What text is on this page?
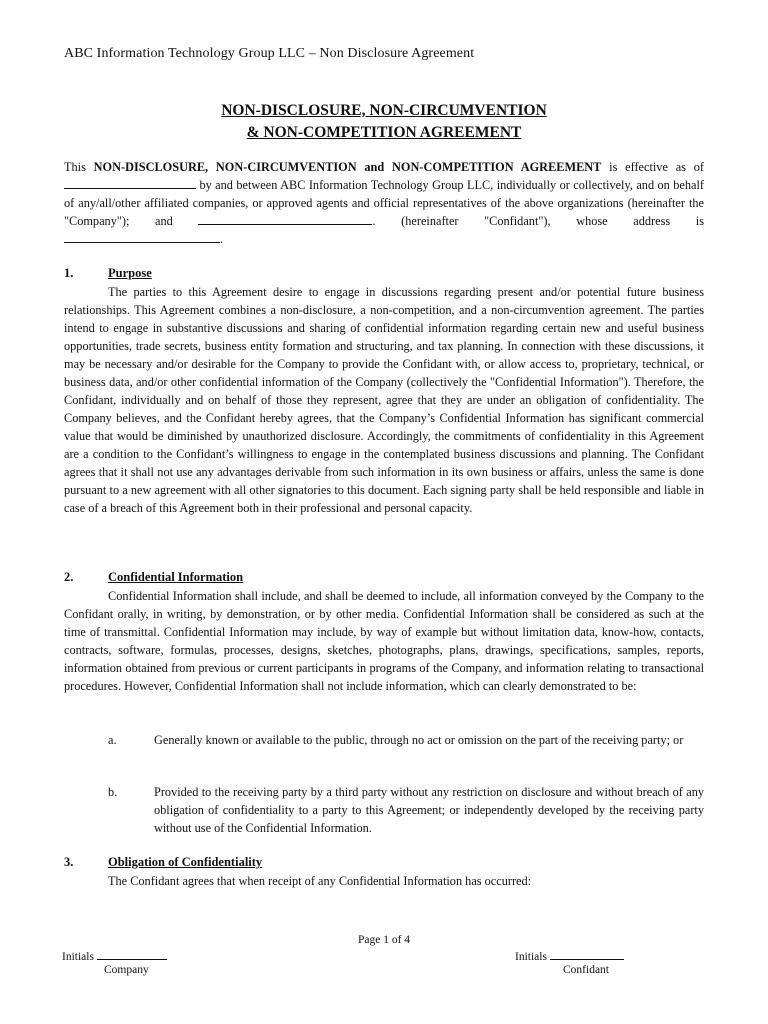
ABC Information Technology Group LLC – Non Disclosure Agreement
NON-DISCLOSURE, NON-CIRCUMVENTION
& NON-COMPETITION AGREEMENT
This NON-DISCLOSURE, NON-CIRCUMVENTION and NON-COMPETITION AGREEMENT is effective as of  by and between ABC Information Technology Group LLC, individually or collectively, and on behalf of any/all/other affiliated companies, or approved agents and official representatives of the above organizations (hereinafter the "Company"); and	. (hereinafter "Confidant"), whose address is .
1.	Purpose
The parties to this Agreement desire to engage in discussions regarding present and/or potential future business relationships. This Agreement combines a non-disclosure, a non-competition, and a non-circumvention agreement. The parties intend to engage in substantive discussions and sharing of confidential information regarding certain new and useful business opportunities, trade secrets, business entity formation and structuring, and tax planning. In connection with these discussions, it may be necessary and/or desirable for the Company to provide the Confidant with, or allow access to, proprietary, technical, or business data, and/or other confidential information of the Company (collectively the "Confidential Information"). Therefore, the Confidant, individually and on behalf of those they represent, agree that they are under an obligation of confidentiality. The Company believes, and the Confidant hereby agrees, that the Company’s Confidential Information has significant commercial value that would be diminished by unauthorized disclosure. Accordingly, the commitments of confidentiality in this Agreement are a condition to the Confidant’s willingness to engage in the contemplated business discussions and planning. The Confidant agrees that it shall not use any advantages derivable from such information in its own business or affairs, unless the same is done pursuant to a new agreement with all other signatories to this document. Each signing party shall be held responsible and liable in case of a breach of this Agreement both in their professional and personal capacity.
2.	Confidential Information
Confidential Information shall include, and shall be deemed to include, all information conveyed by the Company to the Confidant orally, in writing, by demonstration, or by other media. Confidential Information shall be considered as such at the time of transmittal. Confidential Information may include, by way of example but without limitation data, know-how, contacts, contracts, software, formulas, processes, designs, sketches, photographs, plans, drawings, specifications, samples, reports, information obtained from previous or current participants in programs of the Company, and information relating to transactional procedures. However, Confidential Information shall not include information, which can clearly demonstrated to be:
a.	Generally known or available to the public, through no act or omission on the part of the receiving party; or
b.	Provided to the receiving party by a third party without any restriction on disclosure and without breach of any obligation of confidentiality to a party to this Agreement; or independently developed by the receiving party without use of the Confidential Information.
3.	Obligation of Confidentiality
The Confidant agrees that when receipt of any Confidential Information has occurred:
Page 1 of 4
Initials
Company
Initials
Confidant
